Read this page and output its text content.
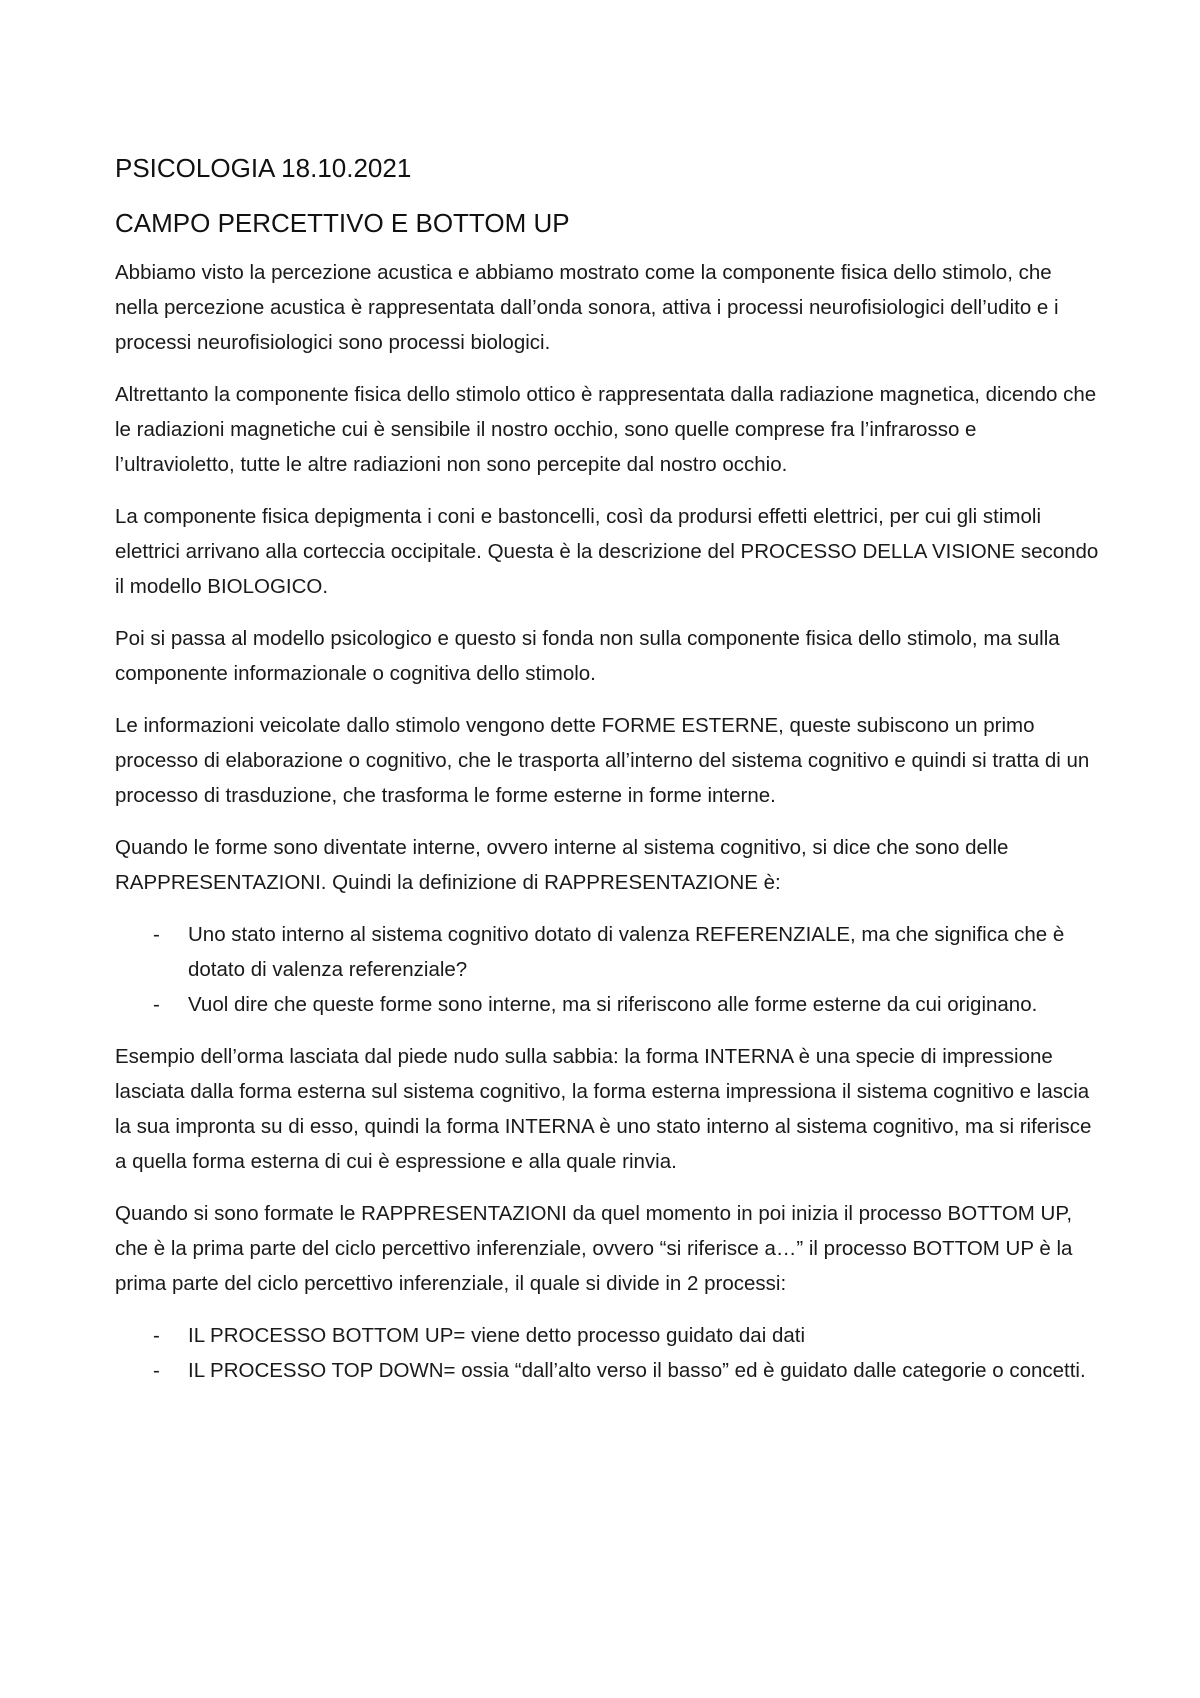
PSICOLOGIA 18.10.2021
CAMPO PERCETTIVO E BOTTOM UP

Abbiamo visto la percezione acustica e abbiamo mostrato come la componente fisica dello stimolo, che nella percezione acustica è rappresentata dall’onda sonora, attiva i processi neurofisiologici dell’udito e i processi neurofisiologici sono processi biologici.

Altrettanto la componente fisica dello stimolo ottico è rappresentata dalla radiazione magnetica, dicendo che le radiazioni magnetiche cui è sensibile il nostro occhio, sono quelle comprese fra l’infrarosso e l’ultravioletto, tutte le altre radiazioni non sono percepite dal nostro occhio.

La componente fisica depigmenta i coni e bastoncelli, così da prodursi effetti elettrici, per cui gli stimoli elettrici arrivano alla corteccia occipitale. Questa è la descrizione del PROCESSO DELLA VISIONE secondo il modello BIOLOGICO.

Poi si passa al modello psicologico e questo si fonda non sulla componente fisica dello stimolo, ma sulla componente informazionale o cognitiva dello stimolo.

Le informazioni veicolate dallo stimolo vengono dette FORME ESTERNE, queste subiscono un primo processo di elaborazione o cognitivo, che le trasporta all’interno del sistema cognitivo e quindi si tratta di un processo di trasduzione, che trasforma le forme esterne in forme interne.

Quando le forme sono diventate interne, ovvero interne al sistema cognitivo, si dice che sono delle RAPPRESENTAZIONI. Quindi la definizione di RAPPRESENTAZIONE è:

- Uno stato interno al sistema cognitivo dotato di valenza REFERENZIALE, ma che significa che è dotato di valenza referenziale?
- Vuol dire che queste forme sono interne, ma si riferiscono alle forme esterne da cui originano.

Esempio dell’orma lasciata dal piede nudo sulla sabbia: la forma INTERNA è una specie di impressione lasciata dalla forma esterna sul sistema cognitivo, la forma esterna impressiona il sistema cognitivo e lascia la sua impronta su di esso, quindi la forma INTERNA è uno stato interno al sistema cognitivo, ma si riferisce a quella forma esterna di cui è espressione e alla quale rinvia.

Quando si sono formate le RAPPRESENTAZIONI da quel momento in poi inizia il processo BOTTOM UP, che è la prima parte del ciclo percettivo inferenziale, ovvero “si riferisce a…” il processo BOTTOM UP è la prima parte del ciclo percettivo inferenziale, il quale si divide in 2 processi:

- IL PROCESSO BOTTOM UP= viene detto processo guidato dai dati
- IL PROCESSO TOP DOWN= ossia “dall’alto verso il basso” ed è guidato dalle categorie o concetti.
